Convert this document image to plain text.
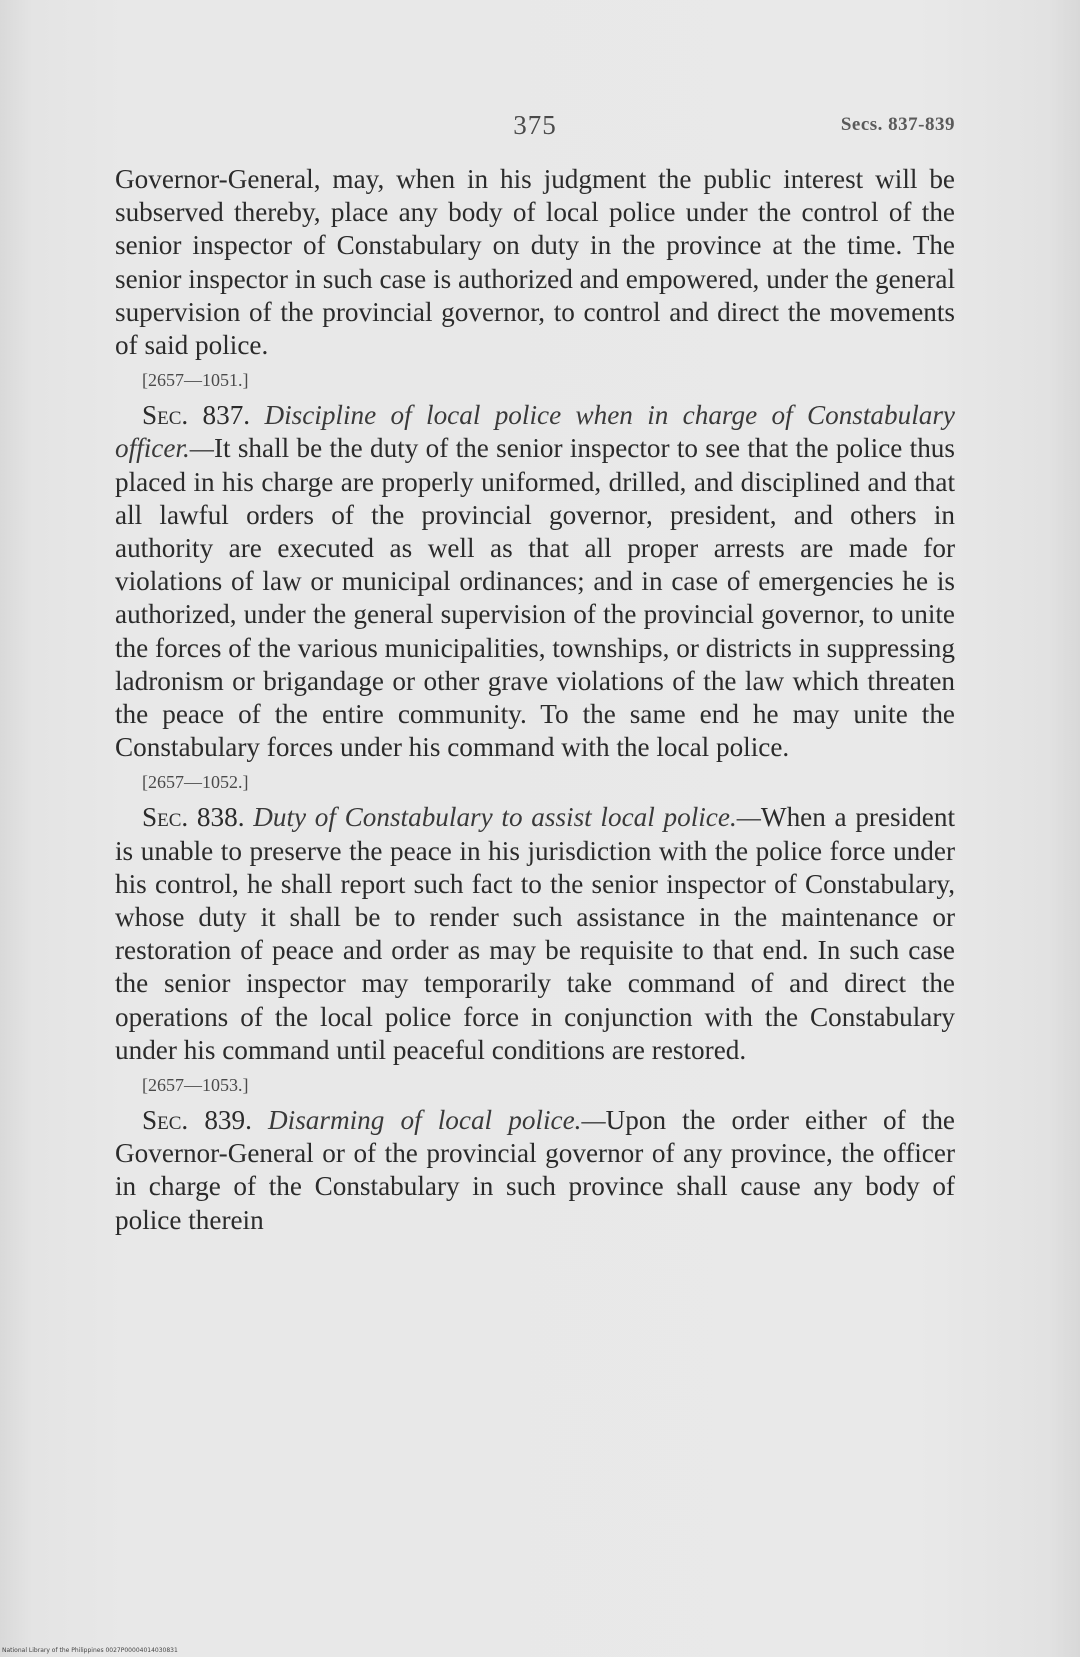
375	Secs. 837-839

Governor-General, may, when in his judgment the public interest will be subserved thereby, place any body of local police under the control of the senior inspector of Constabulary on duty in the province at the time. The senior inspector in such case is authorized and empowered, under the general supervision of the provincial governor, to control and direct the movements of said police.

[2657—1051.]

Sec. 837. Discipline of local police when in charge of Constabulary officer.—It shall be the duty of the senior inspector to see that the police thus placed in his charge are properly uniformed, drilled, and disciplined and that all lawful orders of the provincial governor, president, and others in authority are executed as well as that all proper arrests are made for violations of law or municipal ordinances; and in case of emergencies he is authorized, under the general supervision of the provincial governor, to unite the forces of the various municipalities, townships, or districts in suppressing ladronism or brigandage or other grave violations of the law which threaten the peace of the entire community. To the same end he may unite the Constabulary forces under his command with the local police.

[2657—1052.]

Sec. 838. Duty of Constabulary to assist local police.—When a president is unable to preserve the peace in his jurisdiction with the police force under his control, he shall report such fact to the senior inspector of Constabulary, whose duty it shall be to render such assistance in the maintenance or restoration of peace and order as may be requisite to that end. In such case the senior inspector may temporarily take command of and direct the operations of the local police force in conjunction with the Constabulary under his command until peaceful conditions are restored.

[2657—1053.]

Sec. 839. Disarming of local police.—Upon the order either of the Governor-General or of the provincial governor of any province, the officer in charge of the Constabulary in such province shall cause any body of police therein

National Library of the Philippines 0027P00004014030831
